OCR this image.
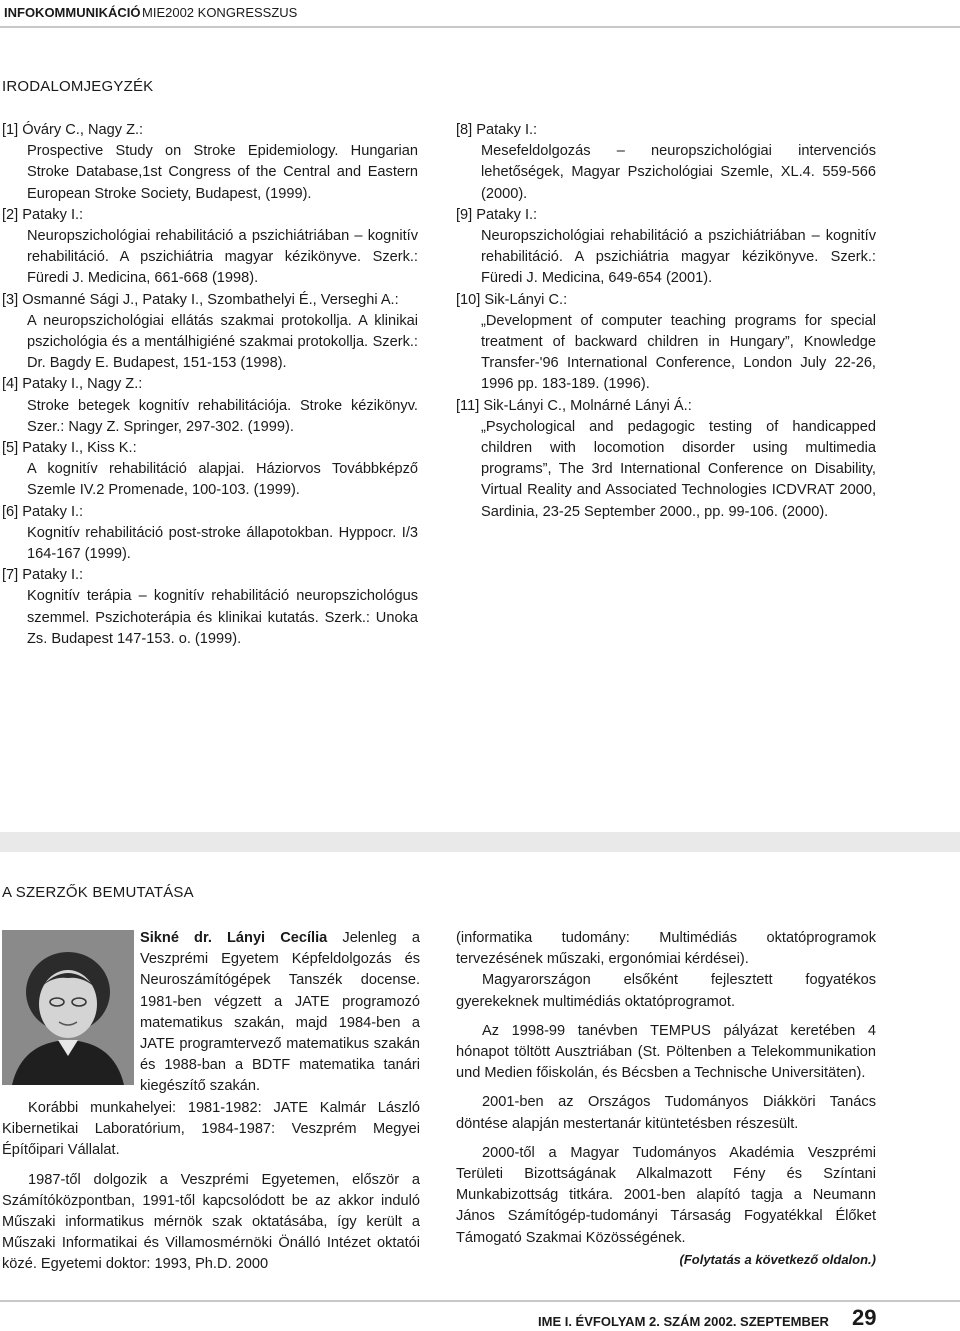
INFOKOMMUNIKÁCIÓ MIE2002 KONGRESSZUS
IRODALOMJEGYZÉK
[1] Óváry C., Nagy Z.:
Prospective Study on Stroke Epidemiology. Hungarian Stroke Database,1st Congress of the Central and Eastern European Stroke Society, Budapest, (1999).
[2] Pataky I.:
Neuropszichológiai rehabilitáció a pszichiátriában – kognitív rehabilitáció. A pszichiátria magyar kézikönyve. Szerk.: Füredi J. Medicina, 661-668 (1998).
[3] Osmanné Sági J., Pataky I., Szombathelyi É., Verseghi A.:
A neuropszichológiai ellátás szakmai protokollja. A klinikai pszichológia és a mentálhigiéné szakmai protokollja. Szerk.: Dr. Bagdy E. Budapest, 151-153 (1998).
[4] Pataky I., Nagy Z.:
Stroke betegek kognitív rehabilitációja. Stroke kézikönyv. Szer.: Nagy Z. Springer, 297-302. (1999).
[5] Pataky I., Kiss K.:
A kognitív rehabilitáció alapjai. Háziorvos Továbbképző Szemle IV.2 Promenade, 100-103. (1999).
[6] Pataky I.:
Kognitív rehabilitáció post-stroke állapotokban. Hyppocr. I/3 164-167 (1999).
[7] Pataky I.:
Kognitív terápia – kognitív rehabilitáció neuropszichológus szemmel. Pszichoterápia és klinikai kutatás. Szerk.: Unoka Zs. Budapest 147-153. o. (1999).
[8] Pataky I.:
Mesefeldolgozás – neuropszichológiai intervenciós lehetőségek, Magyar Pszichológiai Szemle, XL.4. 559-566 (2000).
[9] Pataky I.:
Neuropszichológiai rehabilitáció a pszichiátriában – kognitív rehabilitáció. A pszichiátria magyar kézikönyve. Szerk.: Füredi J. Medicina, 649-654 (2001).
[10] Sik-Lányi C.:
„Development of computer teaching programs for special treatment of backward children in Hungary”, Knowledge Transfer-'96 International Conference, London July 22-26, 1996 pp. 183-189. (1996).
[11] Sik-Lányi C., Molnárné Lányi Á.:
„Psychological and pedagogic testing of handicapped children with locomotion disorder using multimedia programs”, The 3rd International Conference on Disability, Virtual Reality and Associated Technologies ICDVRAT 2000, Sardinia, 23-25 September 2000., pp. 99-106. (2000).
A SZERZŐK BEMUTATÁSA

Sikné dr. Lányi Cecília Jelenleg a Veszprémi Egyetem Képfeldolgozás és Neuroszámítógépek Tanszék docense. 1981-ben végzett a JATE programozó matematikus szakán, majd 1984-ben a JATE programtervező matematikus szakán és 1988-ban a BDTF matematika tanári kiegészítő szakán.

Korábbi munkahelyei: 1981-1982: JATE Kalmár László Kibernetikai Laboratórium, 1984-1987: Veszprém Megyei Építőipari Vállalat.

1987-től dolgozik a Veszprémi Egyetemen, először a Számítóközpontban, 1991-től kapcsolódott be az akkor induló Műszaki informatikus mérnök szak oktatásába, így került a Műszaki Informatikai és Villamosmérnöki Önálló Intézet oktatói közé. Egyetemi doktor: 1993, Ph.D. 2000

(informatika tudomány: Multimédiás oktatóprogramok tervezésének műszaki, ergonómiai kérdései).

Magyarországon elsőként fejlesztett fogyatékos gyerekeknek multimédiás oktatóprogramot.

Az 1998-99 tanévben TEMPUS pályázat keretében 4 hónapot töltött Ausztriában (St. Pöltenben a Telekommunikation und Medien főiskolán, és Bécsben a Technische Universitäten).

2001-ben az Országos Tudományos Diákköri Tanács döntése alapján mestertanár kitüntetésben részesült.

2000-től a Magyar Tudományos Akadémia Veszprémi Területi Bizottságának Alkalmazott Fény és Színtani Munkabizottság titkára. 2001-ben alapító tagja a Neumann János Számítógép-tudományi Társaság Fogyatékkal Élőket Támogató Szakmai Közösségének.

(Folytatás a következő oldalon.)

IME I. ÉVFOLYAM 2. SZÁM 2002. SZEPTEMBER 29
